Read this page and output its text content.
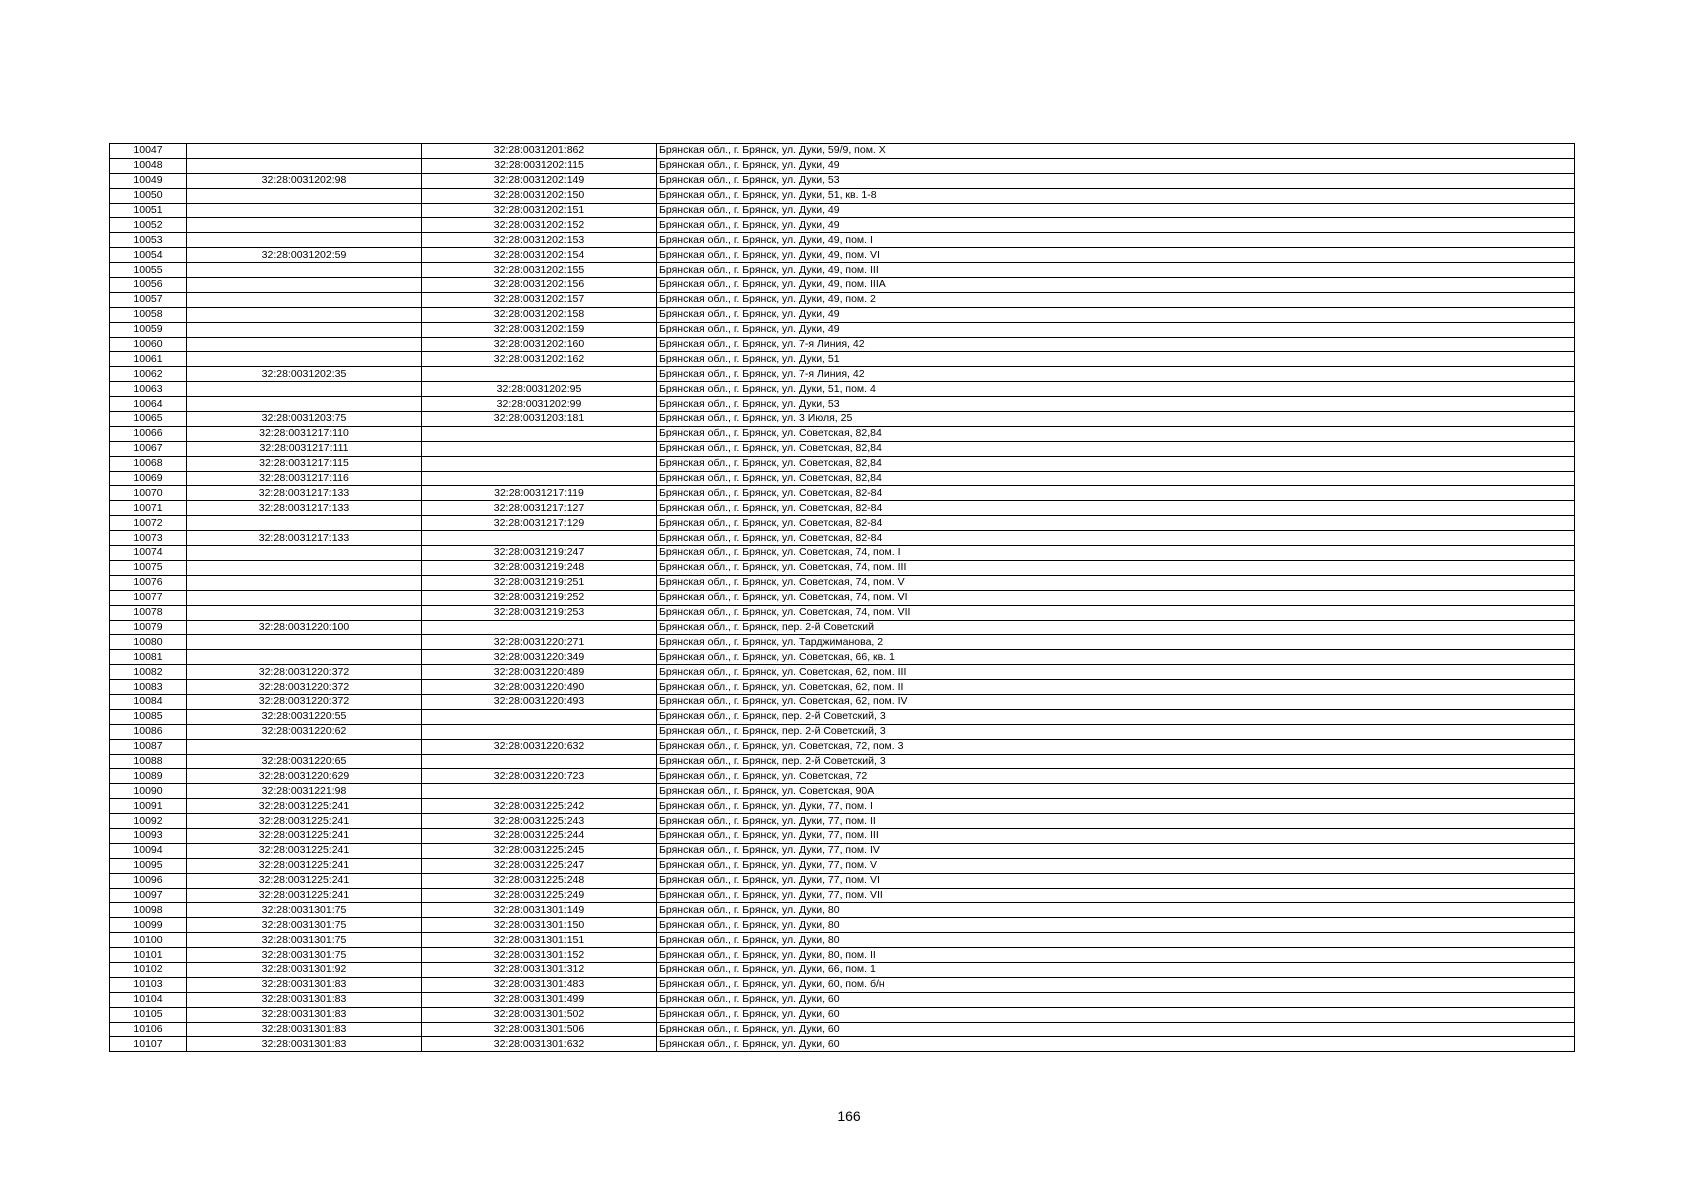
10047		32:28:0031201:862	Брянская обл., г. Брянск, ул. Дуки, 59/9, пом. X
10048		32:28:0031202:115	Брянская обл., г. Брянск, ул. Дуки, 49
10049	32:28:0031202:98	32:28:0031202:149	Брянская обл., г. Брянск, ул. Дуки, 53
10050		32:28:0031202:150	Брянская обл., г. Брянск, ул. Дуки, 51, кв. 1-8
10051		32:28:0031202:151	Брянская обл., г. Брянск, ул. Дуки, 49
10052		32:28:0031202:152	Брянская обл., г. Брянск, ул. Дуки, 49
10053		32:28:0031202:153	Брянская обл., г. Брянск, ул. Дуки, 49, пом. I
10054	32:28:0031202:59	32:28:0031202:154	Брянская обл., г. Брянск, ул. Дуки, 49, пом. VI
10055		32:28:0031202:155	Брянская обл., г. Брянск, ул. Дуки, 49, пом. III
10056		32:28:0031202:156	Брянская обл., г. Брянск, ул. Дуки, 49, пом. IIIA
10057		32:28:0031202:157	Брянская обл., г. Брянск, ул. Дуки, 49, пом. 2
10058		32:28:0031202:158	Брянская обл., г. Брянск, ул. Дуки, 49
10059		32:28:0031202:159	Брянская обл., г. Брянск, ул. Дуки, 49
10060		32:28:0031202:160	Брянская обл., г. Брянск, ул. 7-я Линия, 42
10061		32:28:0031202:162	Брянская обл., г. Брянск, ул. Дуки, 51
10062	32:28:0031202:35		Брянская обл., г. Брянск, ул. 7-я Линия, 42
10063		32:28:0031202:95	Брянская обл., г. Брянск, ул. Дуки, 51, пом. 4
10064		32:28:0031202:99	Брянская обл., г. Брянск, ул. Дуки, 53
10065	32:28:0031203:75	32:28:0031203:181	Брянская обл., г. Брянск, ул. 3 Июля, 25
10066	32:28:0031217:110		Брянская обл., г. Брянск, ул. Советская, 82,84
10067	32:28:0031217:111		Брянская обл., г. Брянск, ул. Советская, 82,84
10068	32:28:0031217:115		Брянская обл., г. Брянск, ул. Советская, 82,84
10069	32:28:0031217:116		Брянская обл., г. Брянск, ул. Советская, 82,84
10070	32:28:0031217:133	32:28:0031217:119	Брянская обл., г. Брянск, ул. Советская, 82-84
10071	32:28:0031217:133	32:28:0031217:127	Брянская обл., г. Брянск, ул. Советская, 82-84
10072		32:28:0031217:129	Брянская обл., г. Брянск, ул. Советская, 82-84
10073	32:28:0031217:133		Брянская обл., г. Брянск, ул. Советская, 82-84
10074		32:28:0031219:247	Брянская обл., г. Брянск, ул. Советская, 74, пом. I
10075		32:28:0031219:248	Брянская обл., г. Брянск, ул. Советская, 74, пом. III
10076		32:28:0031219:251	Брянская обл., г. Брянск, ул. Советская, 74, пом. V
10077		32:28:0031219:252	Брянская обл., г. Брянск, ул. Советская, 74, пом. VI
10078		32:28:0031219:253	Брянская обл., г. Брянск, ул. Советская, 74, пом. VII
10079	32:28:0031220:100		Брянская обл., г. Брянск, пер. 2-й Советский
10080		32:28:0031220:271	Брянская обл., г. Брянск, ул. Тарджиманова, 2
10081		32:28:0031220:349	Брянская обл., г. Брянск, ул. Советская, 66, кв. 1
10082	32:28:0031220:372	32:28:0031220:489	Брянская обл., г. Брянск, ул. Советская, 62, пом. III
10083	32:28:0031220:372	32:28:0031220:490	Брянская обл., г. Брянск, ул. Советская, 62, пом. II
10084	32:28:0031220:372	32:28:0031220:493	Брянская обл., г. Брянск, ул. Советская, 62, пом. IV
10085	32:28:0031220:55		Брянская обл., г. Брянск, пер. 2-й Советский, 3
10086	32:28:0031220:62		Брянская обл., г. Брянск, пер. 2-й Советский, 3
10087		32:28:0031220:632	Брянская обл., г. Брянск, ул. Советская, 72, пом. 3
10088	32:28:0031220:65		Брянская обл., г. Брянск, пер. 2-й Советский, 3
10089	32:28:0031220:629	32:28:0031220:723	Брянская обл., г. Брянск, ул. Советская, 72
10090	32:28:0031221:98		Брянская обл., г. Брянск, ул. Советская, 90А
10091	32:28:0031225:241	32:28:0031225:242	Брянская обл., г. Брянск, ул. Дуки, 77, пом. I
10092	32:28:0031225:241	32:28:0031225:243	Брянская обл., г. Брянск, ул. Дуки, 77, пом. II
10093	32:28:0031225:241	32:28:0031225:244	Брянская обл., г. Брянск, ул. Дуки, 77, пом. III
10094	32:28:0031225:241	32:28:0031225:245	Брянская обл., г. Брянск, ул. Дуки, 77, пом. IV
10095	32:28:0031225:241	32:28:0031225:247	Брянская обл., г. Брянск, ул. Дуки, 77, пом. V
10096	32:28:0031225:241	32:28:0031225:248	Брянская обл., г. Брянск, ул. Дуки, 77, пом. VI
10097	32:28:0031225:241	32:28:0031225:249	Брянская обл., г. Брянск, ул. Дуки, 77, пом. VII
10098	32:28:0031301:75	32:28:0031301:149	Брянская обл., г. Брянск, ул. Дуки, 80
10099	32:28:0031301:75	32:28:0031301:150	Брянская обл., г. Брянск, ул. Дуки, 80
10100	32:28:0031301:75	32:28:0031301:151	Брянская обл., г. Брянск, ул. Дуки, 80
10101	32:28:0031301:75	32:28:0031301:152	Брянская обл., г. Брянск, ул. Дуки, 80, пом. II
10102	32:28:0031301:92	32:28:0031301:312	Брянская обл., г. Брянск, ул. Дуки, 66, пом. 1
10103	32:28:0031301:83	32:28:0031301:483	Брянская обл., г. Брянск, ул. Дуки, 60, пом. б/н
10104	32:28:0031301:83	32:28:0031301:499	Брянская обл., г. Брянск, ул. Дуки, 60
10105	32:28:0031301:83	32:28:0031301:502	Брянская обл., г. Брянск, ул. Дуки, 60
10106	32:28:0031301:83	32:28:0031301:506	Брянская обл., г. Брянск, ул. Дуки, 60
10107	32:28:0031301:83	32:28:0031301:632	Брянская обл., г. Брянск, ул. Дуки, 60
166
